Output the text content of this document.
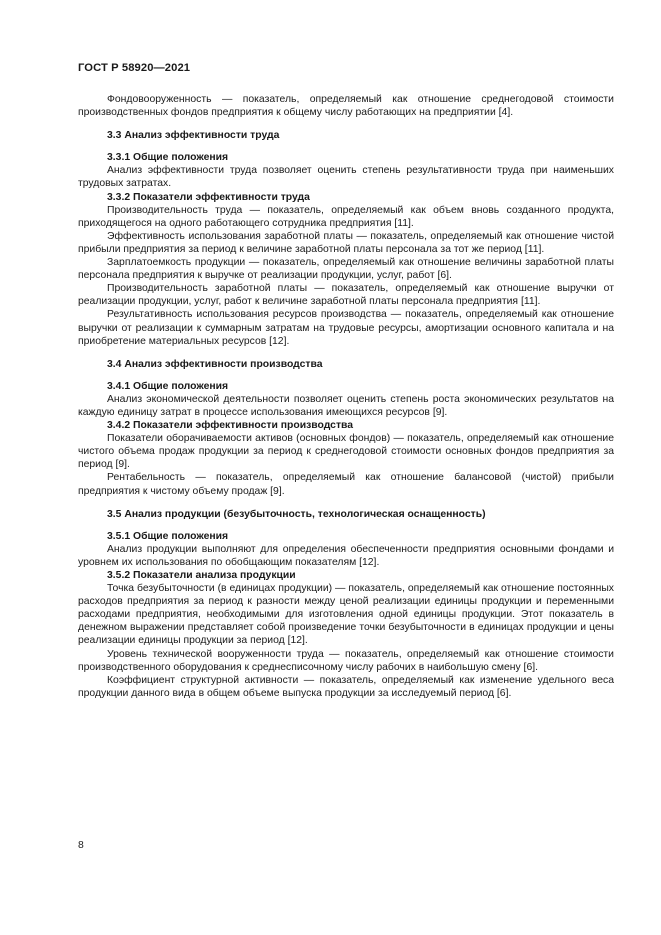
ГОСТ Р 58920—2021

Фондовооруженность — показатель, определяемый как отношение среднегодовой стоимости производственных фондов предприятия к общему числу работающих на предприятии [4].

3.3 Анализ эффективности труда
3.3.1 Общие положения

Анализ эффективности труда позволяет оценить степень результативности труда при наименьших трудовых затратах.

3.3.2 Показатели эффективности труда

Производительность труда — показатель, определяемый как объем вновь созданного продукта, приходящегося на одного работающего сотрудника предприятия [11].

Эффективность использования заработной платы — показатель, определяемый как отношение чистой прибыли предприятия за период к величине заработной платы персонала за тот же период [11].

Зарплатоемкость продукции — показатель, определяемый как отношение величины заработной платы персонала предприятия к выручке от реализации продукции, услуг, работ [6].

Производительность заработной платы — показатель, определяемый как отношение выручки от реализации продукции, услуг, работ к величине заработной платы персонала предприятия [11].

Результативность использования ресурсов производства — показатель, определяемый как отношение выручки от реализации к суммарным затратам на трудовые ресурсы, амортизации основного капитала и на приобретение материальных ресурсов [12].

3.4 Анализ эффективности производства
3.4.1 Общие положения

Анализ экономической деятельности позволяет оценить степень роста экономических результатов на каждую единицу затрат в процессе использования имеющихся ресурсов [9].

3.4.2 Показатели эффективности производства

Показатели оборачиваемости активов (основных фондов) — показатель, определяемый как отношение чистого объема продаж продукции за период к среднегодовой стоимости основных фондов предприятия за период [9].

Рентабельность — показатель, определяемый как отношение балансовой (чистой) прибыли предприятия к чистому объему продаж [9].

3.5 Анализ продукции (безубыточность, технологическая оснащенность)
3.5.1 Общие положения

Анализ продукции выполняют для определения обеспеченности предприятия основными фондами и уровнем их использования по обобщающим показателям [12].

3.5.2 Показатели анализа продукции

Точка безубыточности (в единицах продукции) — показатель, определяемый как отношение постоянных расходов предприятия за период к разности между ценой реализации единицы продукции и переменными расходами предприятия, необходимыми для изготовления одной единицы продукции. Этот показатель в денежном выражении представляет собой произведение точки безубыточности в единицах продукции и цены реализации единицы продукции за период [12].

Уровень технической вооруженности труда — показатель, определяемый как отношение стоимости производственного оборудования к среднесписочному числу рабочих в наибольшую смену [6].

Коэффициент структурной активности — показатель, определяемый как изменение удельного веса продукции данного вида в общем объеме выпуска продукции за исследуемый период [6].

8
